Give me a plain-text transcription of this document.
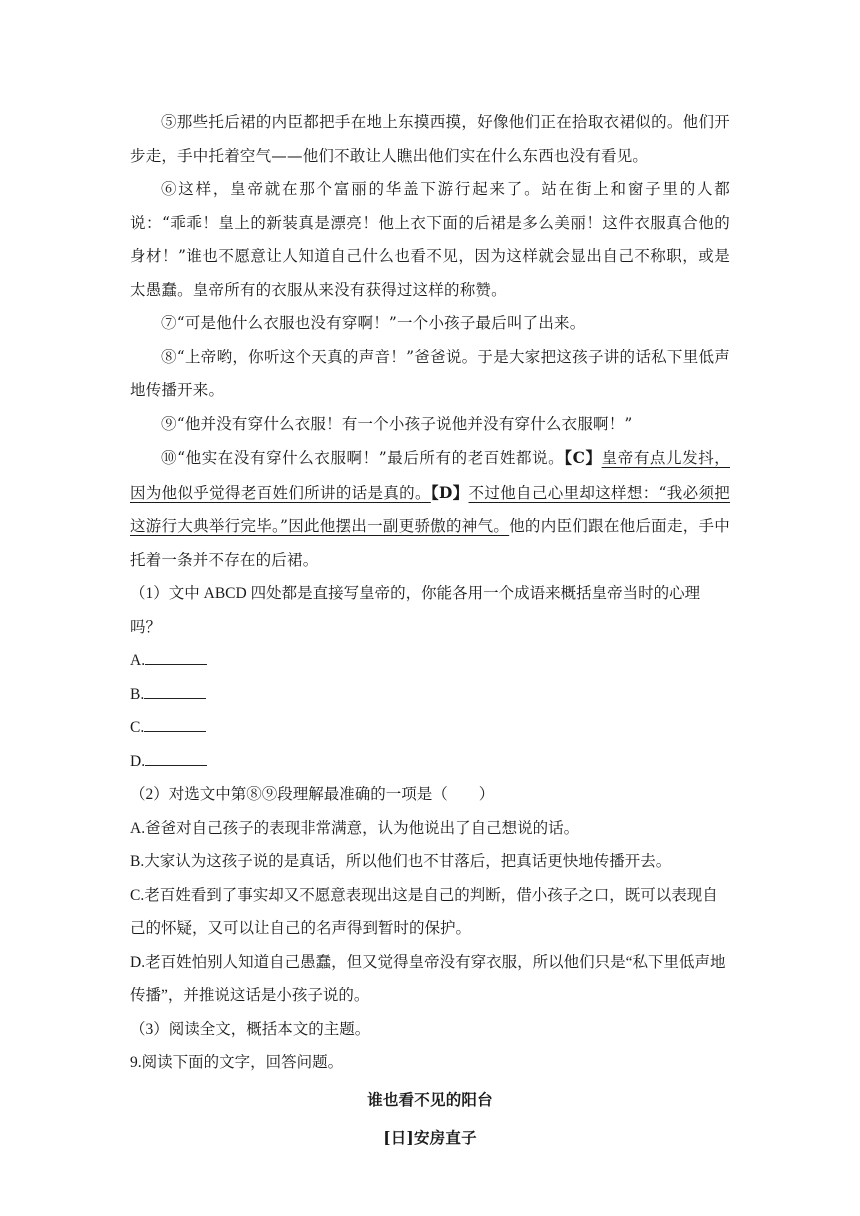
⑤那些托后裙的内臣都把手在地上东摸西摸，好像他们正在拾取衣裙似的。他们开步走，手中托着空气——他们不敢让人瞧出他们实在什么东西也没有看见。

⑥这样，皇帝就在那个富丽的华盖下游行起来了。站在街上和窗子里的人都说：“乖乖！皇上的新装真是漂亮！他上衣下面的后裙是多么美丽！这件衣服真合他的身材！”谁也不愿意让人知道自己什么也看不见，因为这样就会显出自己不称职，或是太愚蠢。皇帝所有的衣服从来没有获得过这样的称赞。

⑦“可是他什么衣服也没有穿啊！”一个小孩子最后叫了出来。

⑧“上帝哟，你听这个天真的声音！”爸爸说。于是大家把这孩子讲的话私下里低声地传播开来。

⑨“他并没有穿什么衣服！有一个小孩子说他并没有穿什么衣服啊！”

⑩“他实在没有穿什么衣服啊！”最后所有的老百姓都说。【C】皇帝有点儿发抖，因为他似乎觉得老百姓们所讲的话是真的。【D】不过他自己心里却这样想：“我必须把这游行大典举行完毕。”因此他摆出一副更骄傲的神气。他的内臣们跟在他后面走，手中托着一条并不存在的后裙。

（1）文中 ABCD 四处都是直接写皇帝的，你能各用一个成语来概括皇帝当时的心理吗？

A.

B.

C.

D.

（2）对选文中第⑧⑨段理解最准确的一项是（　　）

A.爸爸对自己孩子的表现非常满意，认为他说出了自己想说的话。

B.大家认为这孩子说的是真话，所以他们也不甘落后，把真话更快地传播开去。

C.老百姓看到了事实却又不愿意表现出这是自己的判断，借小孩子之口，既可以表现自己的怀疑，又可以让自己的名声得到暂时的保护。

D.老百姓怕别人知道自己愚蠢，但又觉得皇帝没有穿衣服，所以他们只是“私下里低声地传播”，并推说这话是小孩子说的。

（3）阅读全文，概括本文的主题。

9.阅读下面的文字，回答问题。

谁也看不见的阳台

[日]安房直子
